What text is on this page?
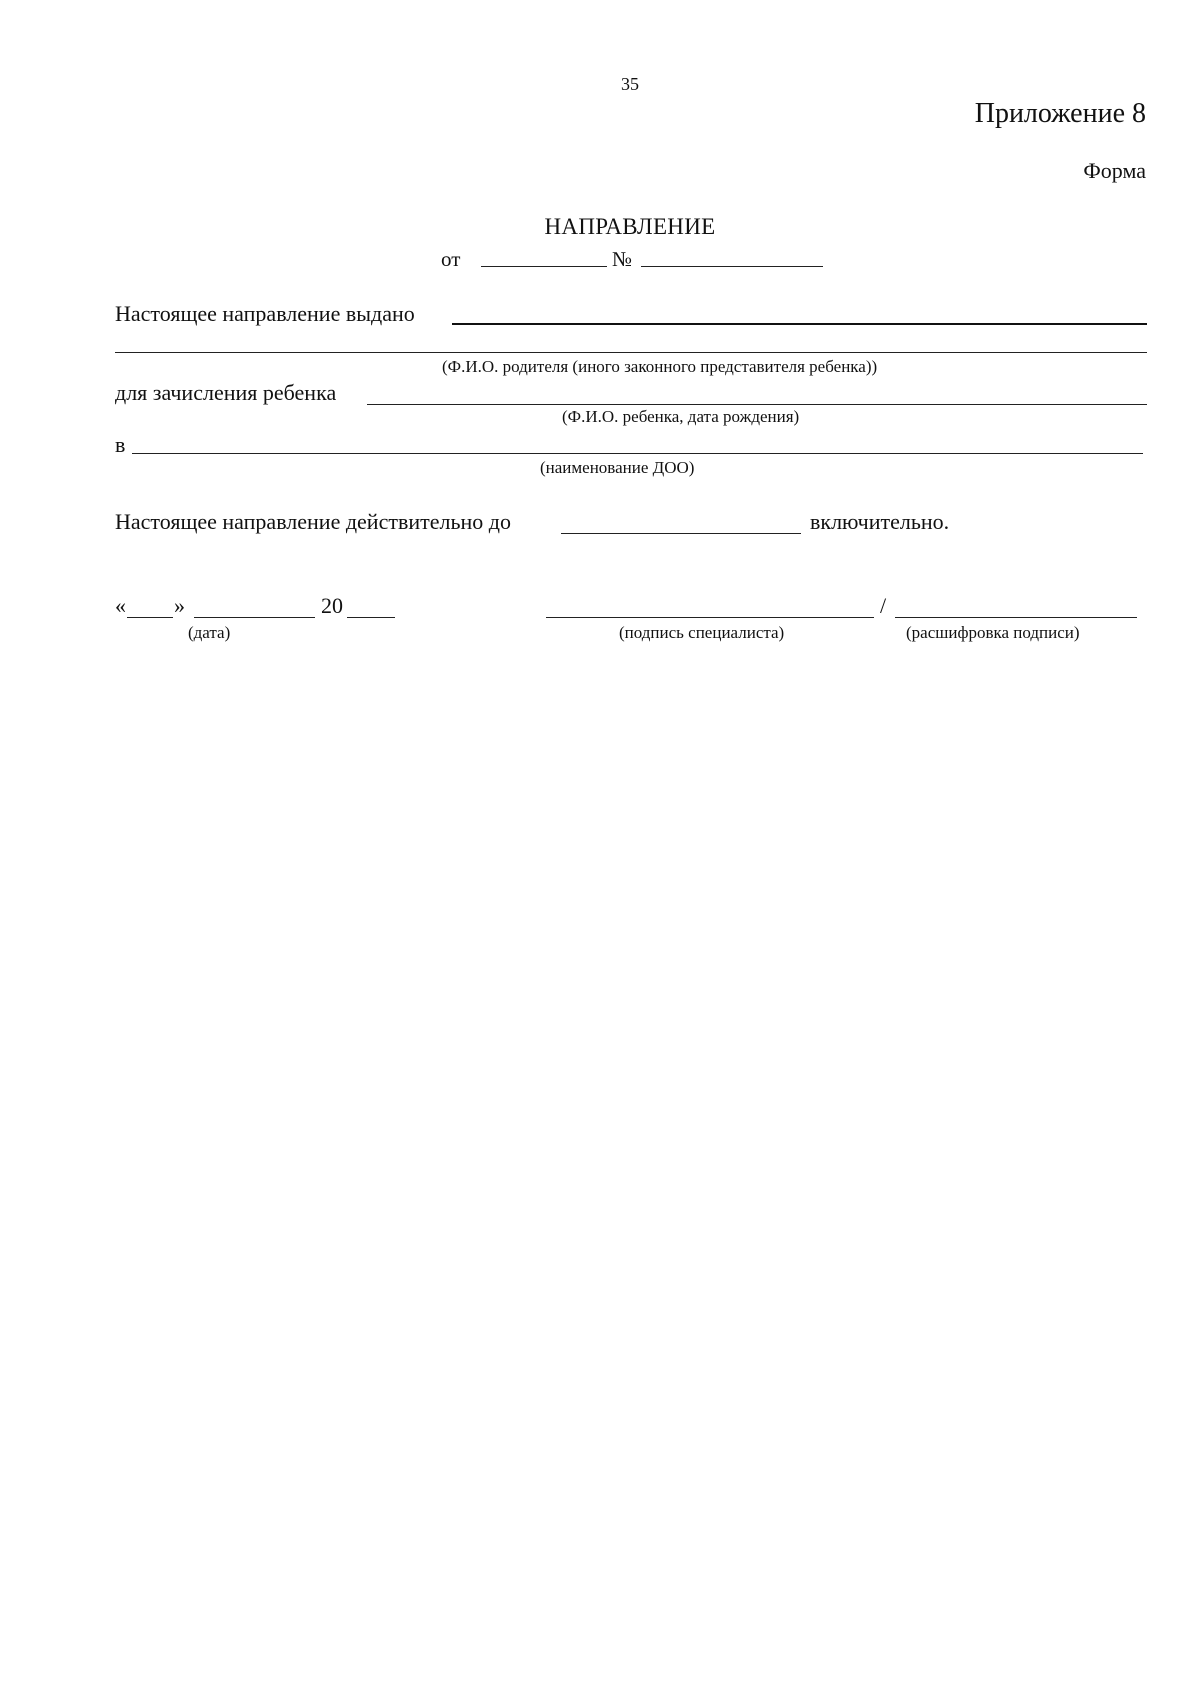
35
Приложение 8
Форма
НАПРАВЛЕНИЕ
от	№
Настоящее направление выдано
(Ф.И.О. родителя (иного законного представителя ребенка))
для зачисления ребенка
(Ф.И.О. ребенка, дата рождения)
в
(наименование ДОО)
Настоящее направление действительно до	включительно.
« »	20
(дата)
/
(подпись специалиста)	(расшифровка подписи)
